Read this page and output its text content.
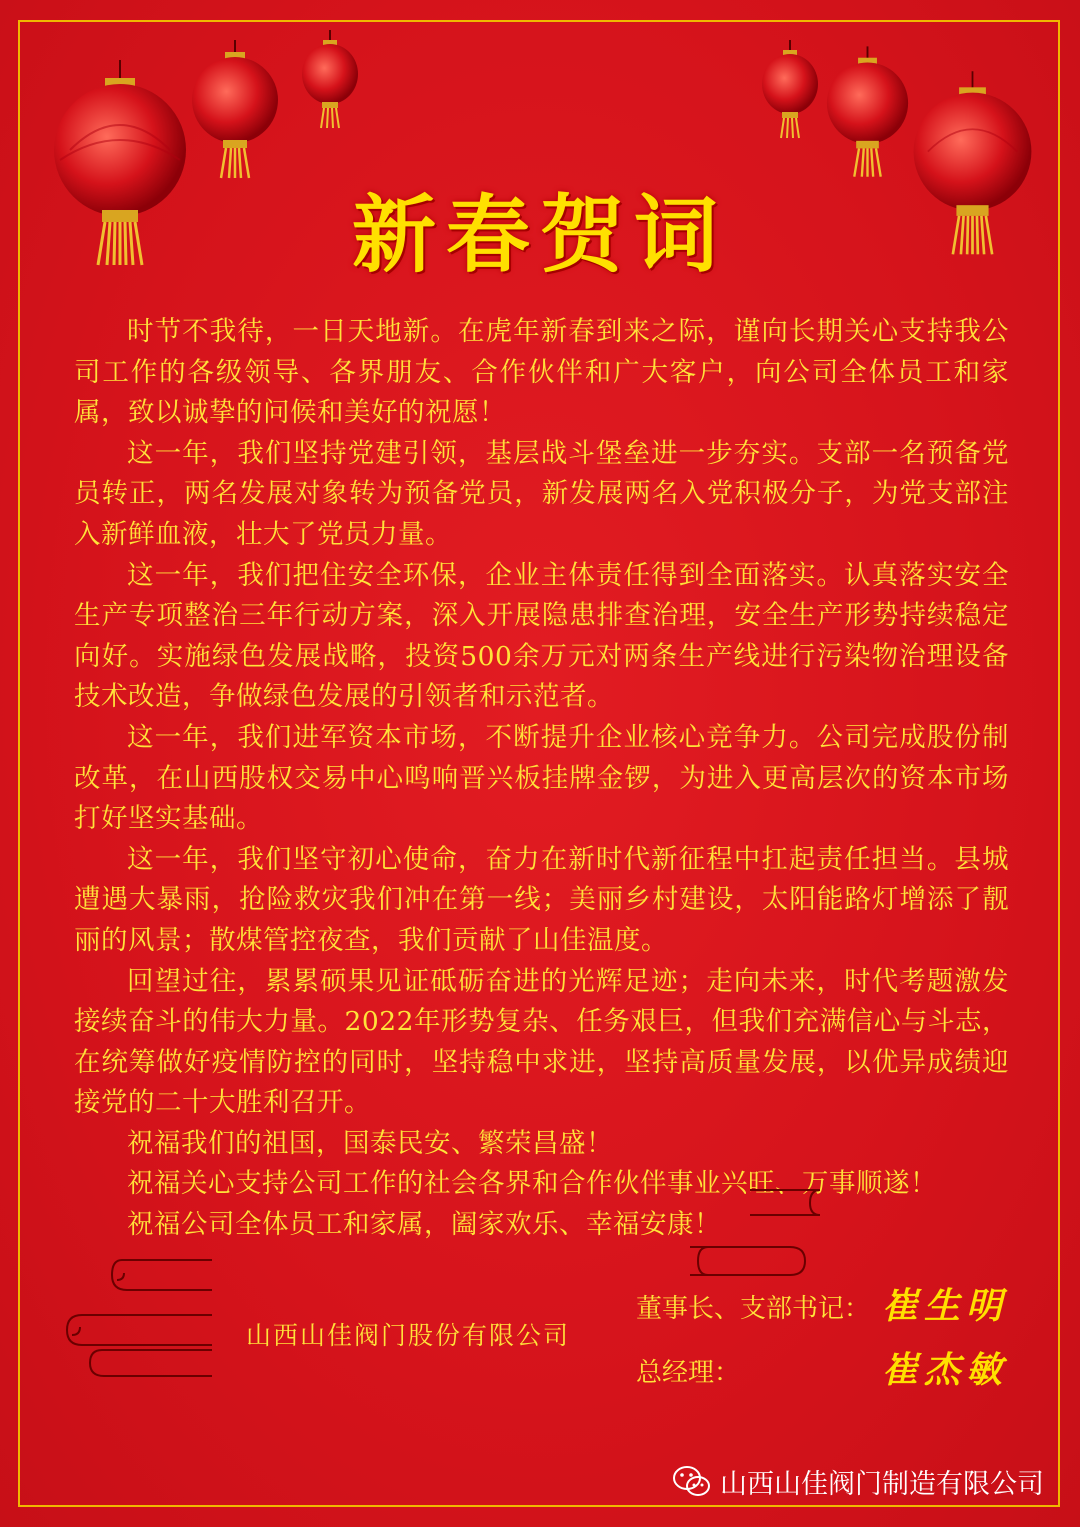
新春贺词

时节不我待，一日天地新。在虎年新春到来之际，谨向长期关心支持我公司工作的各级领导、各界朋友、合作伙伴和广大客户，向公司全体员工和家属，致以诚挚的问候和美好的祝愿！

这一年，我们坚持党建引领，基层战斗堡垒进一步夯实。支部一名预备党员转正，两名发展对象转为预备党员，新发展两名入党积极分子，为党支部注入新鲜血液，壮大了党员力量。

这一年，我们把住安全环保，企业主体责任得到全面落实。认真落实安全生产专项整治三年行动方案，深入开展隐患排查治理，安全生产形势持续稳定向好。实施绿色发展战略，投资500余万元对两条生产线进行污染物治理设备技术改造，争做绿色发展的引领者和示范者。

这一年，我们进军资本市场，不断提升企业核心竞争力。公司完成股份制改革，在山西股权交易中心鸣响晋兴板挂牌金锣，为进入更高层次的资本市场打好坚实基础。

这一年，我们坚守初心使命，奋力在新时代新征程中扛起责任担当。县城遭遇大暴雨，抢险救灾我们冲在第一线；美丽乡村建设，太阳能路灯增添了靓丽的风景；散煤管控夜查，我们贡献了山佳温度。

回望过往，累累硕果见证砥砺奋进的光辉足迹；走向未来，时代考题激发接续奋斗的伟大力量。2022年形势复杂、任务艰巨，但我们充满信心与斗志，在统筹做好疫情防控的同时，坚持稳中求进，坚持高质量发展，以优异成绩迎接党的二十大胜利召开。

祝福我们的祖国，国泰民安、繁荣昌盛！

祝福关心支持公司工作的社会各界和合作伙伴事业兴旺、万事顺遂！

祝福公司全体员工和家属，阖家欢乐、幸福安康！

山西山佳阀门股份有限公司
董事长、支部书记： 崔生明
总经理：	崔杰敏
山西山佳阀门制造有限公司
